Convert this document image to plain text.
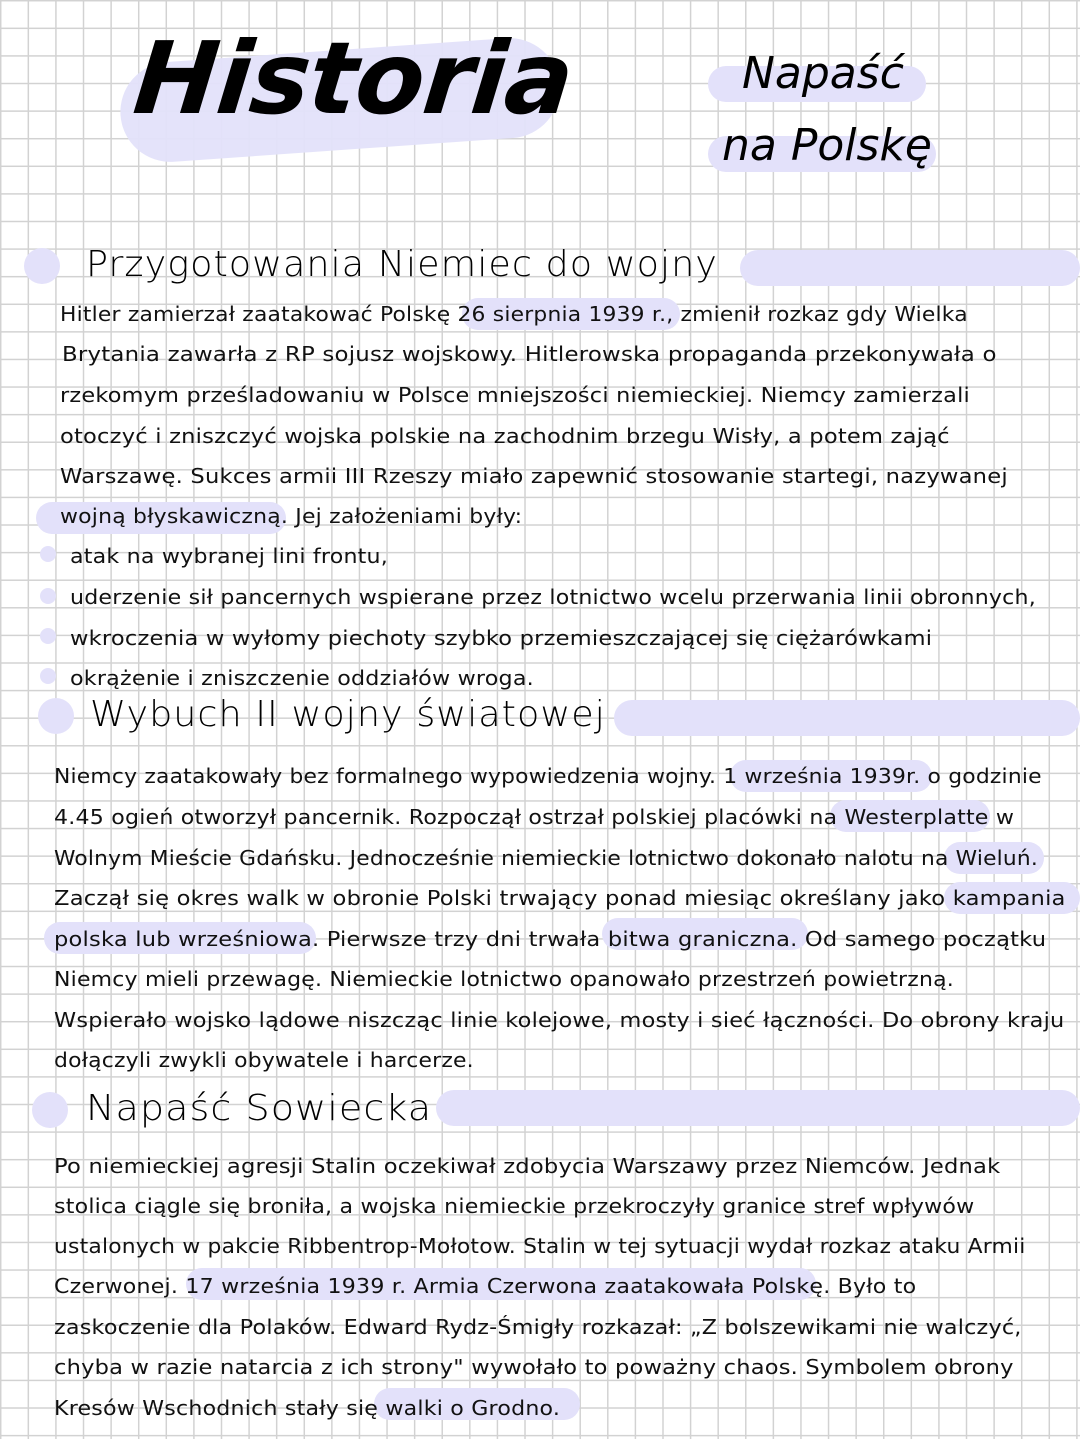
Historia	Napaść
na Polskę
Przygotowania Niemiec do wojny
Hitler zamierzał zaatakować Polskę 26 sierpnia 1939 r., zmienił rozkaz gdy Wielka
Brytania zawarła z RP sojusz wojskowy. Hitlerowska propaganda przekonywała o
rzekomym prześladowaniu w Polsce mniejszości niemieckiej. Niemcy zamierzali
otoczyć i zniszczyć wojska polskie na zachodnim brzegu Wisły, a potem zająć
Warszawę. Sukces armii III Rzeszy miało zapewnić stosowanie startegi, nazywanej
wojną błyskawiczną. Jej założeniami były:
atak na wybranej lini frontu,
uderzenie sił pancernych wspierane przez lotnictwo wcelu przerwania linii obronnych,
wkroczenia w wyłomy piechoty szybko przemieszczającej się ciężarówkami
okrążenie i zniszczenie oddziałów wroga.
Wybuch II wojny światowej
Niemcy zaatakowały bez formalnego wypowiedzenia wojny. 1 września 1939r. o godzinie
4.45 ogień otworzył pancernik. Rozpoczął ostrzał polskiej placówki na Westerplatte w
Wolnym Mieście Gdańsku. Jednocześnie niemieckie lotnictwo dokonało nalotu na Wieluń.
Zaczął się okres walk w obronie Polski trwający ponad miesiąc określany jako kampania
polska lub wrześniowa. Pierwsze trzy dni trwała bitwa graniczna. Od samego początku
Niemcy mieli przewagę. Niemieckie lotnictwo opanowało przestrzeń powietrzną.
Wspierało wojsko lądowe niszcząc linie kolejowe, mosty i sieć łączności. Do obrony kraju
dołączyli zwykli obywatele i harcerze.
Napaść Sowiecka
Po niemieckiej agresji Stalin oczekiwał zdobycia Warszawy przez Niemców. Jednak
stolica ciągle się broniła, a wojska niemieckie przekroczyły granice stref wpływów
ustalonych w pakcie Ribbentrop-Mołotow. Stalin w tej sytuacji wydał rozkaz ataku Armii
Czerwonej. 17 września 1939 r. Armia Czerwona zaatakowała Polskę. Było to
zaskoczenie dla Polaków. Edward Rydz-Śmigły rozkazał: „Z bolszewikami nie walczyć,
chyba w razie natarcia z ich strony" wywołało to poważny chaos. Symbolem obrony
Kresów Wschodnich stały się walki o Grodno.
